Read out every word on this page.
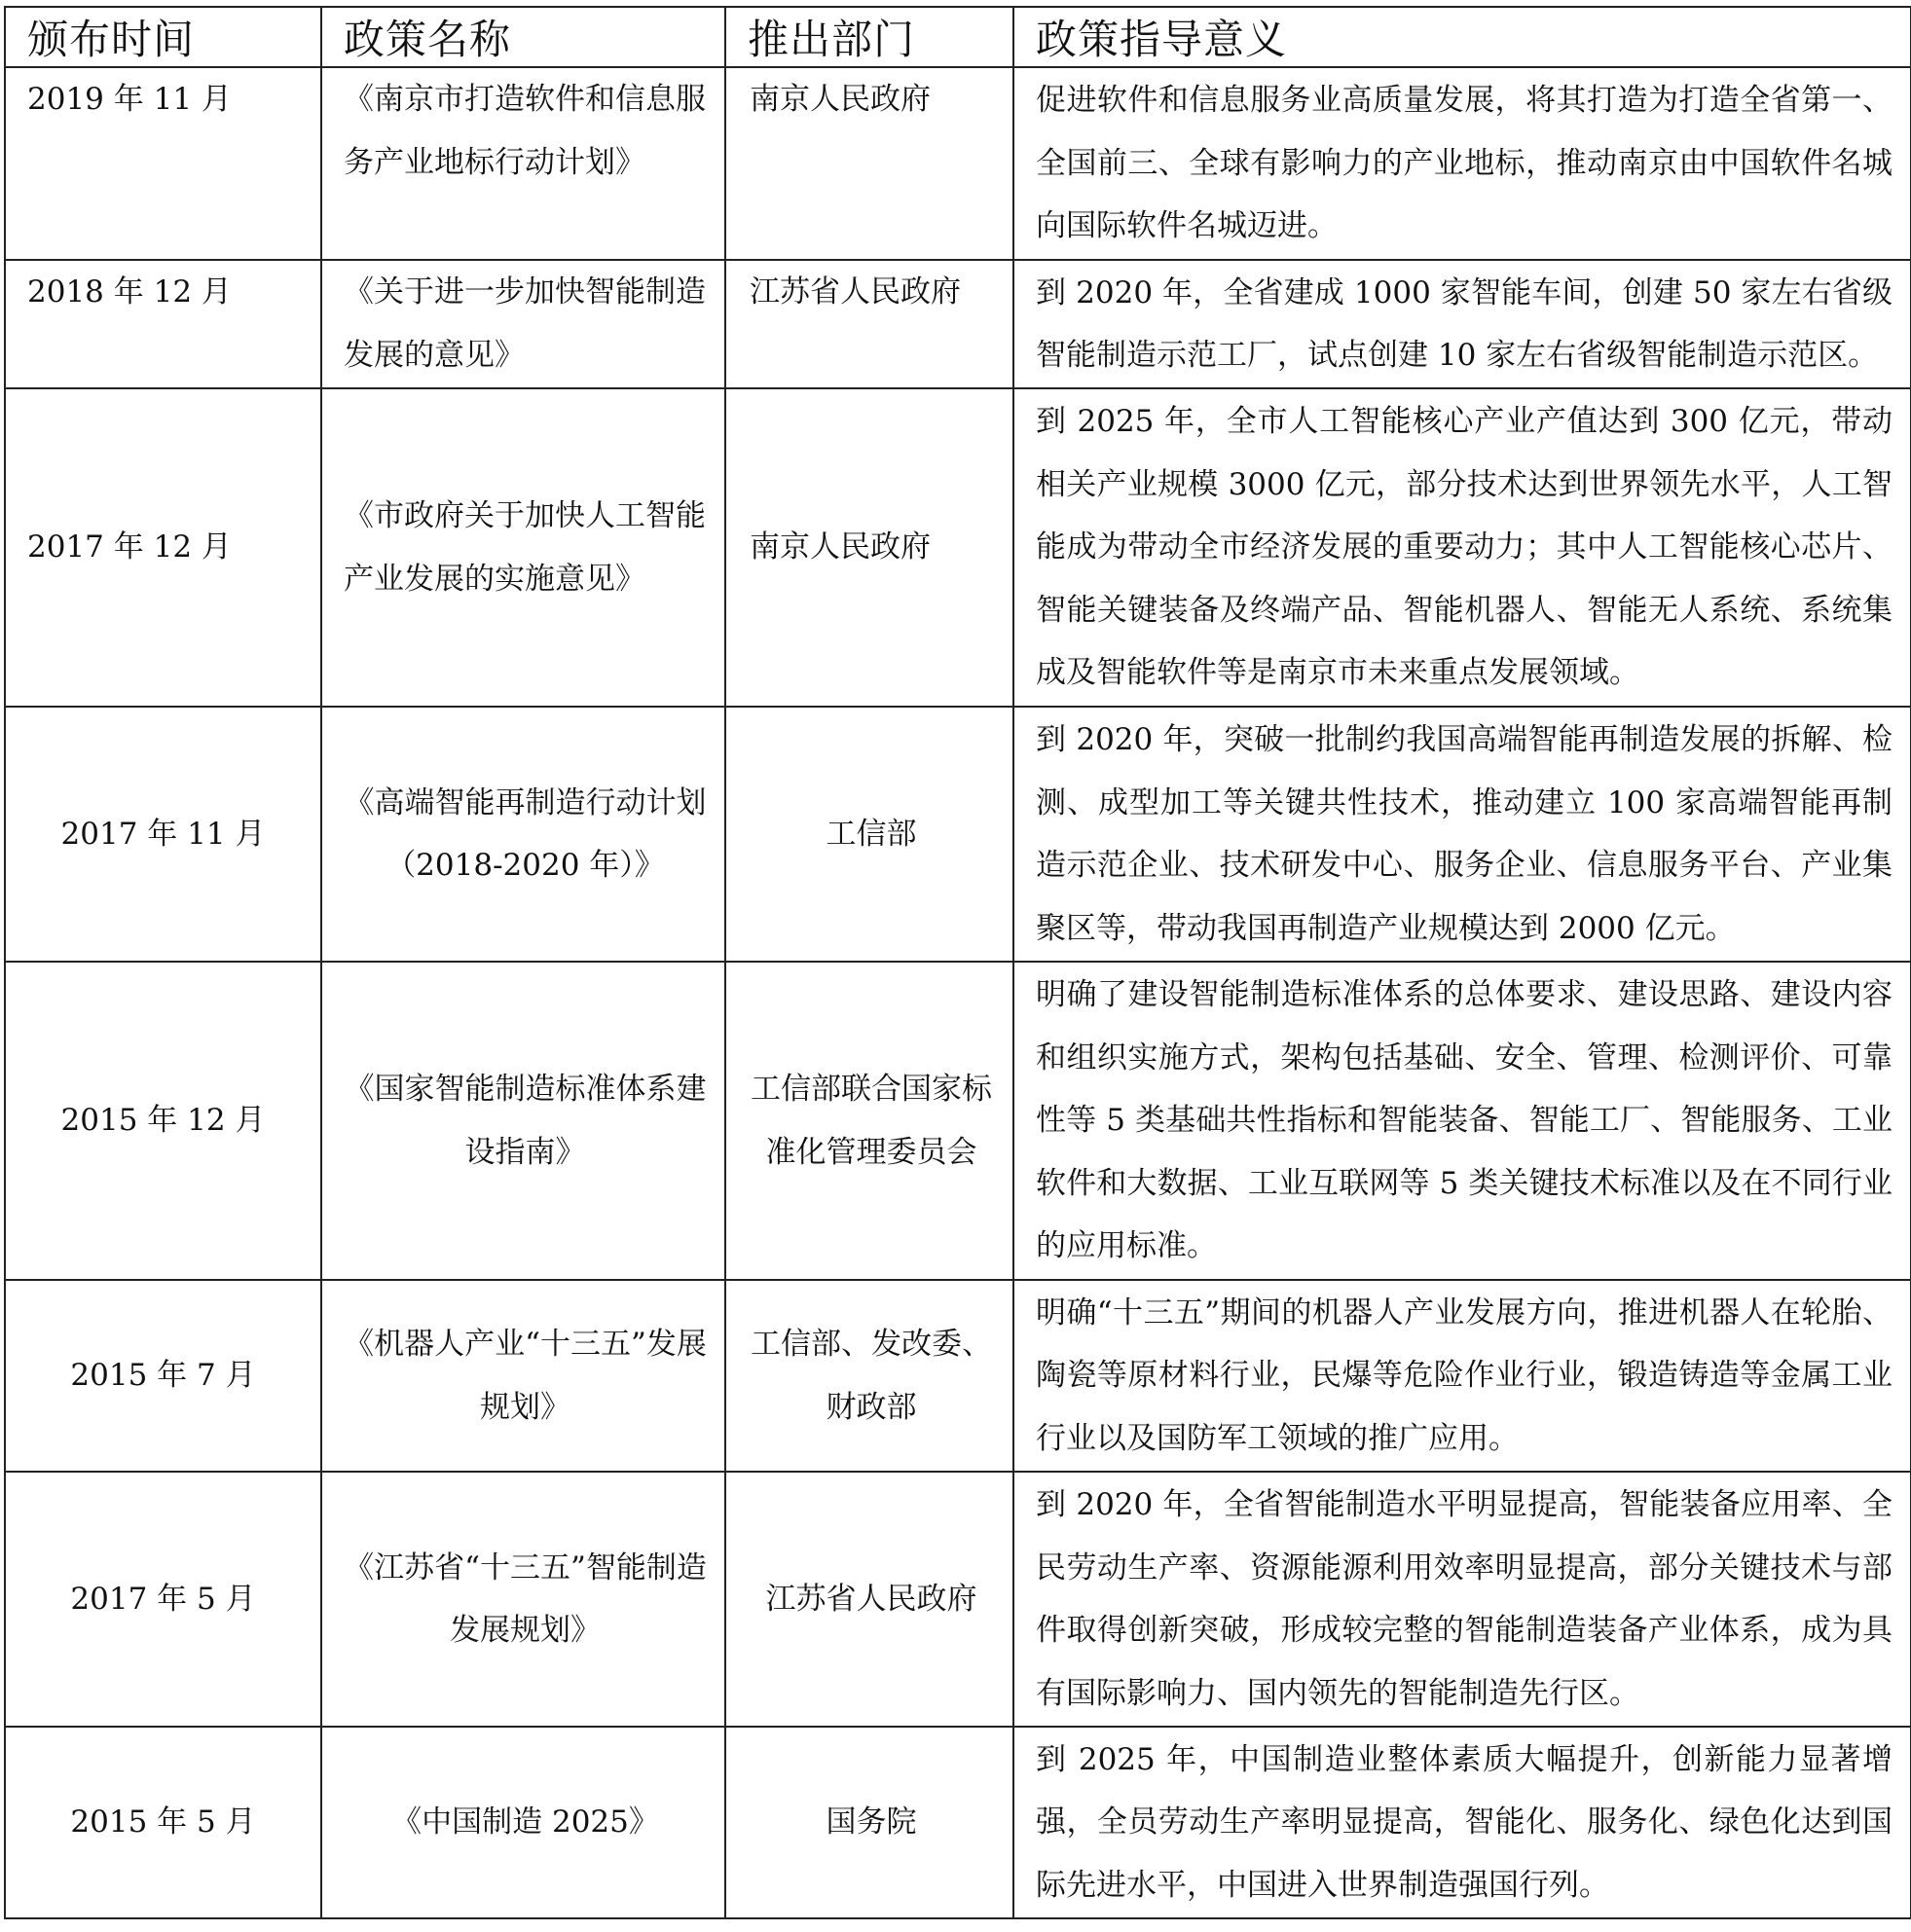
颁布时间	政策名称	推出部门	政策指导意义
2019 年 11 月	《南京市打造软件和信息服务产业地标行动计划》	南京人民政府	促进软件和信息服务业高质量发展，将其打造为打造全省第一、全国前三、全球有影响力的产业地标，推动南京由中国软件名城向国际软件名城迈进。
2018 年 12 月	《关于进一步加快智能制造发展的意见》	江苏省人民政府	到 2020 年，全省建成 1000 家智能车间，创建 50 家左右省级智能制造示范工厂，试点创建 10 家左右省级智能制造示范区。
2017 年 12 月	《市政府关于加快人工智能产业发展的实施意见》	南京人民政府	到 2025 年，全市人工智能核心产业产值达到 300 亿元，带动相关产业规模 3000 亿元，部分技术达到世界领先水平，人工智能成为带动全市经济发展的重要动力；其中人工智能核心芯片、智能关键装备及终端产品、智能机器人、智能无人系统、系统集成及智能软件等是南京市未来重点发展领域。
2017 年 11 月	《高端智能再制造行动计划（2018-2020 年）》	工信部	到 2020 年，突破一批制约我国高端智能再制造发展的拆解、检测、成型加工等关键共性技术，推动建立 100 家高端智能再制造示范企业、技术研发中心、服务企业、信息服务平台、产业集聚区等，带动我国再制造产业规模达到 2000 亿元。
2015 年 12 月	《国家智能制造标准体系建设指南》	工信部联合国家标准化管理委员会	明确了建设智能制造标准体系的总体要求、建设思路、建设内容和组织实施方式，架构包括基础、安全、管理、检测评价、可靠性等 5 类基础共性指标和智能装备、智能工厂、智能服务、工业软件和大数据、工业互联网等 5 类关键技术标准以及在不同行业的应用标准。
2015 年 7 月	《机器人产业“十三五”发展规划》	工信部、发改委、财政部	明确“十三五”期间的机器人产业发展方向，推进机器人在轮胎、陶瓷等原材料行业，民爆等危险作业行业，锻造铸造等金属工业行业以及国防军工领域的推广应用。
2017 年 5 月	《江苏省“十三五”智能制造发展规划》	江苏省人民政府	到 2020 年，全省智能制造水平明显提高，智能装备应用率、全民劳动生产率、资源能源利用效率明显提高，部分关键技术与部件取得创新突破，形成较完整的智能制造装备产业体系，成为具有国际影响力、国内领先的智能制造先行区。
2015 年 5 月	《中国制造 2025》	国务院	到 2025 年，中国制造业整体素质大幅提升，创新能力显著增强，全员劳动生产率明显提高，智能化、服务化、绿色化达到国际先进水平，中国进入世界制造强国行列。
